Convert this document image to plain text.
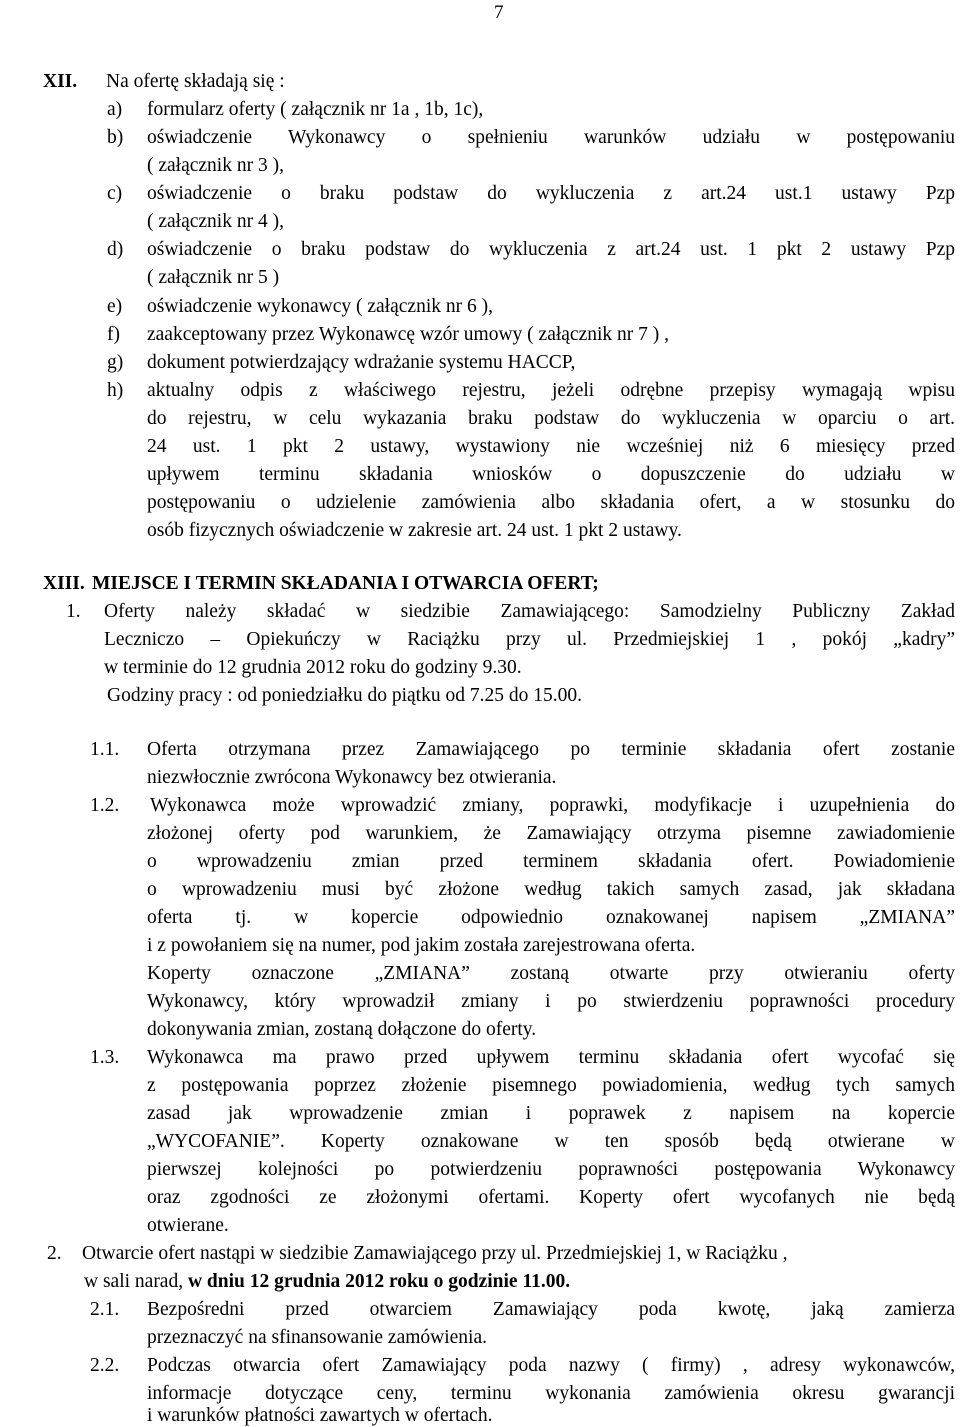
7
XII. Na ofertę składają się :
a) formularz oferty ( załącznik nr 1a , 1b, 1c),
b) oświadczenie Wykonawcy o spełnieniu warunków udziału w postępowaniu
( załącznik nr 3 ),
c) oświadczenie o braku podstaw do wykluczenia z art.24 ust.1 ustawy Pzp
( załącznik nr 4 ),
d) oświadczenie o braku podstaw do wykluczenia z art.24 ust. 1 pkt 2 ustawy Pzp
( załącznik nr 5 )
e) oświadczenie wykonawcy ( załącznik nr 6 ),
f) zaakceptowany przez Wykonawcę wzór umowy ( załącznik nr 7 ) ,
g) dokument potwierdzający wdrażanie systemu HACCP,
h) aktualny odpis z właściwego rejestru, jeżeli odrębne przepisy wymagają wpisu
do rejestru, w celu wykazania braku podstaw do wykluczenia w oparciu o art.
24 ust. 1 pkt 2 ustawy, wystawiony nie wcześniej niż 6 miesięcy przed
upływem terminu składania wniosków o dopuszczenie do udziału w
postępowaniu o udzielenie zamówienia albo składania ofert, a w stosunku do
osób fizycznych oświadczenie w zakresie art. 24 ust. 1 pkt 2 ustawy.
XIII. MIEJSCE I TERMIN SKŁADANIA I OTWARCIA OFERT;
1. Oferty należy składać w siedzibie Zamawiającego: Samodzielny Publiczny Zakład
Leczniczo – Opiekuńczy w Raciążku przy ul. Przedmiejskiej 1 , pokój „kadry”
w terminie do 12 grudnia 2012 roku do godziny 9.30.
Godziny pracy : od poniedziałku do piątku od 7.25 do 15.00.
1.1. Oferta otrzymana przez Zamawiającego po terminie składania ofert zostanie
niezwłocznie zwrócona Wykonawcy bez otwierania.
1.2. Wykonawca może wprowadzić zmiany, poprawki, modyfikacje i uzupełnienia do
złożonej oferty pod warunkiem, że Zamawiający otrzyma pisemne zawiadomienie
o wprowadzeniu zmian przed terminem składania ofert. Powiadomienie
o wprowadzeniu musi być złożone według takich samych zasad, jak składana
oferta tj. w kopercie odpowiednio oznakowanej napisem „ZMIANA”
i z powołaniem się na numer, pod jakim została zarejestrowana oferta.
Koperty oznaczone „ZMIANA” zostaną otwarte przy otwieraniu oferty
Wykonawcy, który wprowadził zmiany i po stwierdzeniu poprawności procedury
dokonywania zmian, zostaną dołączone do oferty.
1.3. Wykonawca ma prawo przed upływem terminu składania ofert wycofać się
z postępowania poprzez złożenie pisemnego powiadomienia, według tych samych
zasad jak wprowadzenie zmian i poprawek z napisem na kopercie
„WYCOFANIE”. Koperty oznakowane w ten sposób będą otwierane w
pierwszej kolejności po potwierdzeniu poprawności postępowania Wykonawcy
oraz zgodności ze złożonymi ofertami. Koperty ofert wycofanych nie będą
otwierane.
2. Otwarcie ofert nastąpi w siedzibie Zamawiającego przy ul. Przedmiejskiej 1, w Raciążku ,
w sali narad, w dniu 12 grudnia 2012 roku o godzinie 11.00.
2.1. Bezpośredni przed otwarciem Zamawiający poda kwotę, jaką zamierza
przeznaczyć na sfinansowanie zamówienia.
2.2. Podczas otwarcia ofert Zamawiający poda nazwy ( firmy) , adresy wykonawców,
informacje dotyczące ceny, terminu wykonania zamówienia okresu gwarancji
i warunków płatności zawartych w ofertach.
